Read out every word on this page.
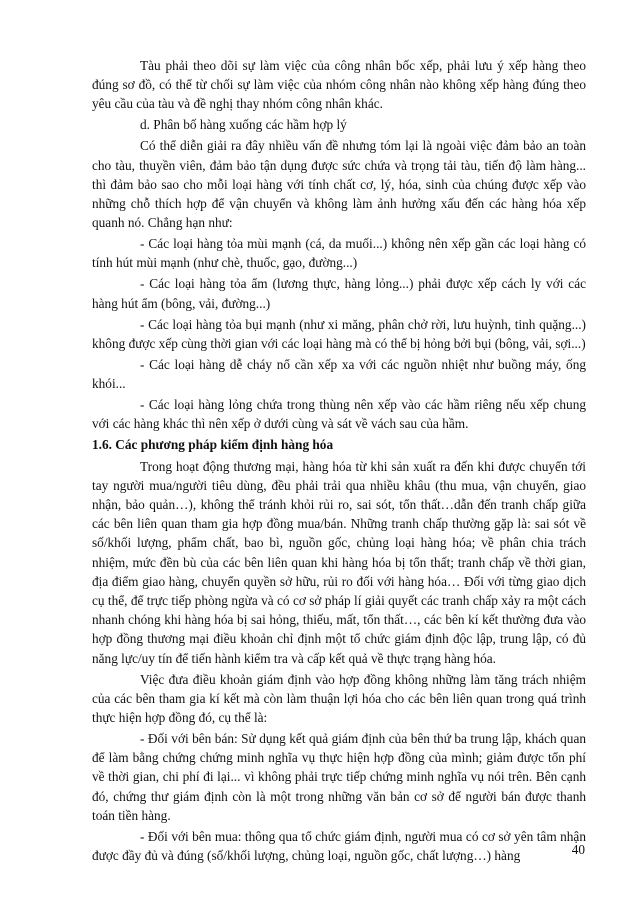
Tàu phải theo dõi sự làm việc của công nhân bốc xếp, phải lưu ý xếp hàng theo đúng sơ đồ, có thể từ chối sự làm việc của nhóm công nhân nào không xếp hàng đúng theo yêu cầu của tàu và đề nghị thay nhóm công nhân khác.

d. Phân bố hàng xuống các hầm hợp lý

Có thể diễn giải ra đây nhiều vấn đề nhưng tóm lại là ngoài việc đảm bảo an toàn cho tàu, thuyền viên, đảm bảo tận dụng được sức chứa và trọng tải tàu, tiến độ làm hàng... thì đảm bảo sao cho mỗi loại hàng với tính chất cơ, lý, hóa, sinh của chúng được xếp vào những chỗ thích hợp để vận chuyển và không làm ảnh hưởng xấu đến các hàng hóa xếp quanh nó. Chẳng hạn như:

- Các loại hàng tỏa mùi mạnh (cá, da muối...) không nên xếp gần các loại hàng có tính hút mùi mạnh (như chè, thuốc, gạo, đường...)

- Các loại hàng tỏa ẩm (lương thực, hàng lỏng...) phải được xếp cách ly với các hàng hút ẩm (bông, vải, đường...)

- Các loại hàng tỏa bụi mạnh (như xi măng, phân chở rời, lưu huỳnh, tinh quặng...) không được xếp cùng thời gian với các loại hàng mà có thể bị hỏng bởi bụi (bông, vải, sợi...)

- Các loại hàng dễ cháy nổ cần xếp xa với các nguồn nhiệt như buồng máy, ống khói...

- Các loại hàng lỏng chứa trong thùng nên xếp vào các hầm riêng nếu xếp chung với các hàng khác thì nên xếp ở dưới cùng và sát về vách sau của hầm.

1.6. Các phương pháp kiểm định hàng hóa

Trong hoạt động thương mại, hàng hóa từ khi sản xuất ra đến khi được chuyển tới tay người mua/người tiêu dùng, đều phải trải qua nhiều khâu (thu mua, vận chuyển, giao nhận, bảo quản…), không thể tránh khỏi rủi ro, sai sót, tổn thất…dẫn đến tranh chấp giữa các bên liên quan tham gia hợp đồng mua/bán. Những tranh chấp thường gặp là: sai sót về số/khối lượng, phẩm chất, bao bì, nguồn gốc, chủng loại hàng hóa; về phân chia trách nhiệm, mức đền bù của các bên liên quan khi hàng hóa bị tổn thất; tranh chấp về thời gian, địa điểm giao hàng, chuyển quyền sở hữu, rủi ro đối với hàng hóa… Đối với từng giao dịch cụ thể, để trực tiếp phòng ngừa và có cơ sở pháp lí giải quyết các tranh chấp xảy ra một cách nhanh chóng khi hàng hóa bị sai hỏng, thiếu, mất, tổn thất…, các bên kí kết thường đưa vào hợp đồng thương mại điều khoản chỉ định một tổ chức giám định độc lập, trung lập, có đủ năng lực/uy tín để tiến hành kiểm tra và cấp kết quả về thực trạng hàng hóa.

Việc đưa điều khoản giám định vào hợp đồng không những làm tăng trách nhiệm của các bên tham gia kí kết mà còn làm thuận lợi hóa cho các bên liên quan trong quá trình thực hiện hợp đồng đó, cụ thể là:

- Đối với bên bán: Sử dụng kết quả giám định của bên thứ ba trung lập, khách quan để làm bằng chứng chứng minh nghĩa vụ thực hiện hợp đồng của mình; giảm được tổn phí về thời gian, chi phí đi lại... vì không phải trực tiếp chứng minh nghĩa vụ nói trên. Bên cạnh đó, chứng thư giám định còn là một trong những văn bản cơ sở để người bán được thanh toán tiền hàng.

- Đối với bên mua: thông qua tổ chức giám định, người mua có cơ sở yên tâm nhận được đầy đủ và đúng (số/khối lượng, chủng loại, nguồn gốc, chất lượng…) hàng	40
